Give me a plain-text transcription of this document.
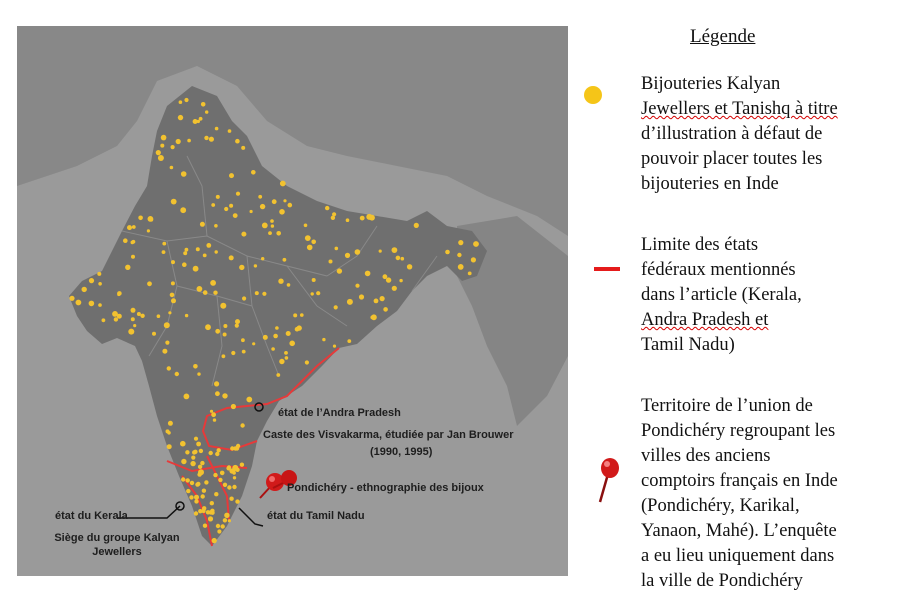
état de l’Andra Pradesh
Caste des Visvakarma, étudiée par Jan Brouwer
(1990, 1995)
Pondichéry - ethnographie des bijoux
état du Kerala	état du Tamil Nadu
Siège du groupe Kalyan
Jewellers
Légende
Bijouteries Kalyan
Jewellers et Tanishq à titre
d’illustration à défaut de
pouvoir placer toutes les
bijouteries en Inde
Limite des états
fédéraux mentionnés
dans l’article (Kerala,
Andra Pradesh et
Tamil Nadu)
Territoire de l’union de
Pondichéry regroupant les
villes des anciens
comptoirs français en Inde
(Pondichéry, Karikal,
Yanaon, Mahé). L’enquête
a eu lieu uniquement dans
la ville de Pondichéry
